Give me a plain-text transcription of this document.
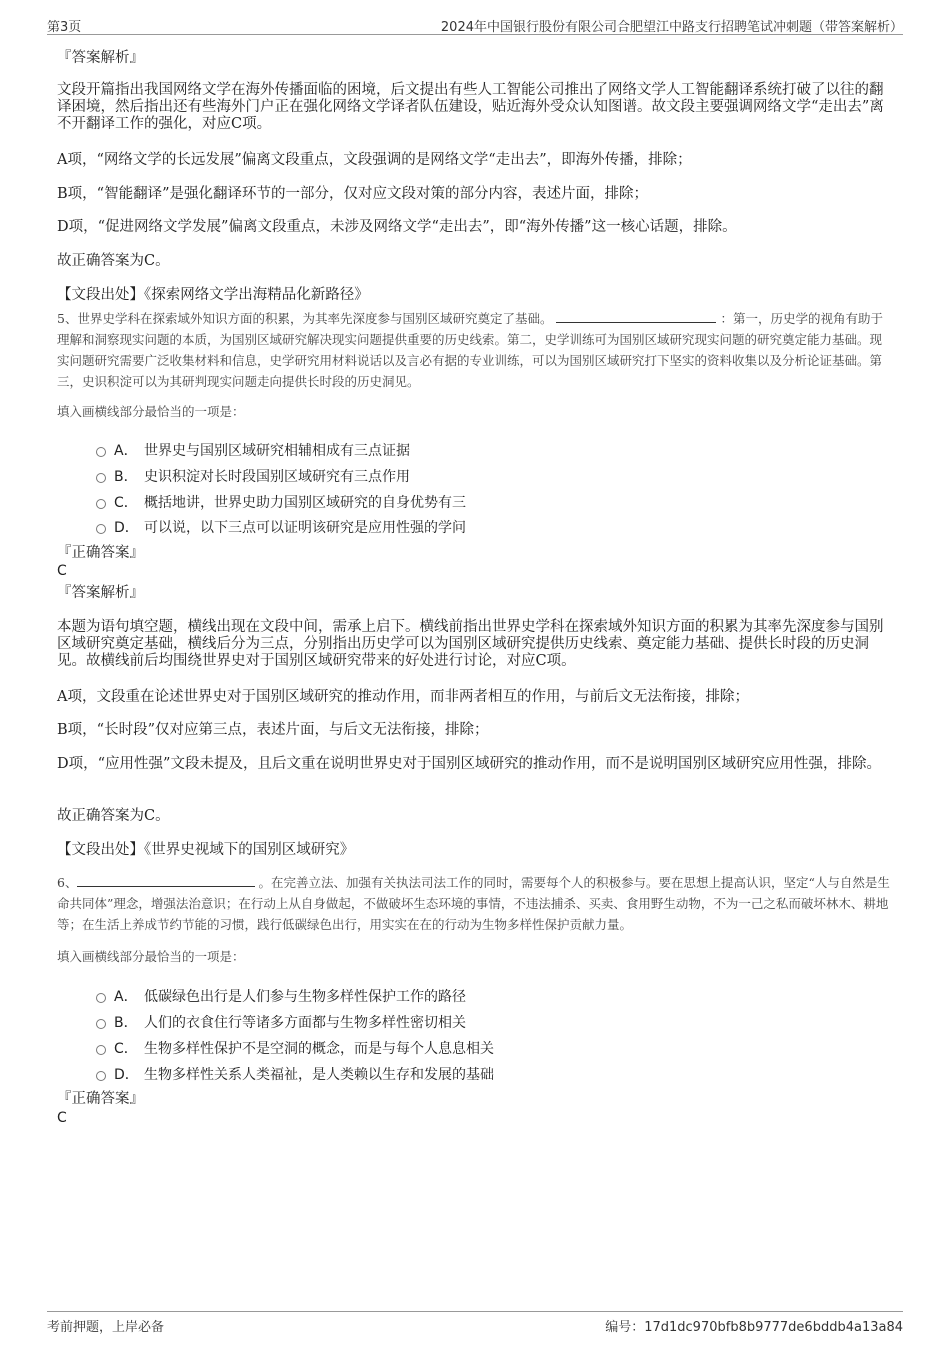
第3页	2024年中国银行股份有限公司合肥望江中路支行招聘笔试冲刺题（带答案解析）
『答案解析』

文段开篇指出我国网络文学在海外传播面临的困境，后文提出有些人工智能公司推出了网络文学人工智能翻译系统打破了以往的翻译困境，然后指出还有些海外门户正在强化网络文学译者队伍建设，贴近海外受众认知图谱。故文段主要强调网络文学“走出去”离不开翻译工作的强化，对应C项。

A项，“网络文学的长远发展”偏离文段重点，文段强调的是网络文学“走出去”，即海外传播，排除；

B项，“智能翻译”是强化翻译环节的一部分，仅对应文段对策的部分内容，表述片面，排除；

D项，“促进网络文学发展”偏离文段重点，未涉及网络文学“走出去”，即“海外传播”这一核心话题，排除。

故正确答案为C。

【文段出处】《探索网络文学出海精品化新路径》

5、世界史学科在探索域外知识方面的积累，为其率先深度参与国别区域研究奠定了基础。	：第一，历史学的视角有助于理解和洞察现实问题的本质，为国别区域研究解决现实问题提供重要的历史线索。第二，史学训练可为国别区域研究现实问题的研究奠定能力基础。现实问题研究需要广泛收集材料和信息，史学研究用材料说话以及言必有据的专业训练，可以为国别区域研究打下坚实的资料收集以及分析论证基础。第三，史识积淀可以为其研判现实问题走向提供长时段的历史洞见。
填入画横线部分最恰当的一项是：
A． 世界史与国别区域研究相辅相成有三点证据
B． 史识积淀对长时段国别区域研究有三点作用
C． 概括地讲，世界史助力国别区域研究的自身优势有三
D． 可以说，以下三点可以证明该研究是应用性强的学问
『正确答案』
C
『答案解析』

本题为语句填空题，横线出现在文段中间，需承上启下。横线前指出世界史学科在探索域外知识方面的积累为其率先深度参与国别区域研究奠定基础，横线后分为三点，分别指出历史学可以为国别区域研究提供历史线索、奠定能力基础、提供长时段的历史洞见。故横线前后均围绕世界史对于国别区域研究带来的好处进行讨论，对应C项。

A项，文段重在论述世界史对于国别区域研究的推动作用，而非两者相互的作用，与前后文无法衔接，排除；

B项，“长时段”仅对应第三点，表述片面，与后文无法衔接，排除；

D项，“应用性强”文段未提及，且后文重在说明世界史对于国别区域研究的推动作用，而不是说明国别区域研究应用性强，排除。

故正确答案为C。

【文段出处】《世界史视域下的国别区域研究》

6、	。在完善立法、加强有关执法司法工作的同时，需要每个人的积极参与。要在思想上提高认识，坚定“人与自然是生命共同体”理念，增强法治意识；在行动上从自身做起，不做破坏生态环境的事情，不违法捕杀、买卖、食用野生动物，不为一己之私而破坏林木、耕地等；在生活上养成节约节能的习惯，践行低碳绿色出行，用实实在在的行动为生物多样性保护贡献力量。
填入画横线部分最恰当的一项是：
A． 低碳绿色出行是人们参与生物多样性保护工作的路径
B． 人们的衣食住行等诸多方面都与生物多样性密切相关
C． 生物多样性保护不是空洞的概念，而是与每个人息息相关
D． 生物多样性关系人类福祉，是人类赖以生存和发展的基础
『正确答案』
C
考前押题，上岸必备	编号：17d1dc970bfb8b9777de6bddb4a13a84
